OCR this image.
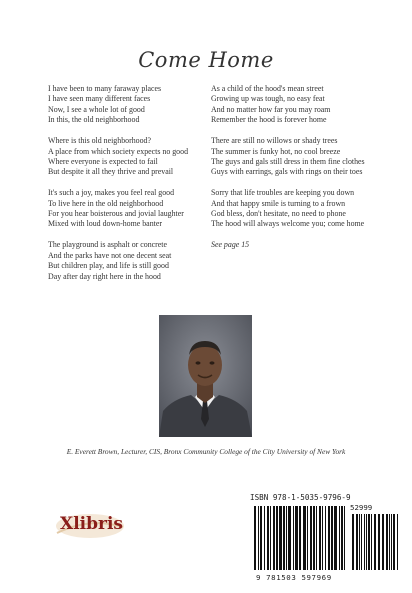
Come Home
I have been to many faraway places
I have seen many different faces
Now, I see a whole lot of good
In this, the old neighborhood
Where is this old neighborhood?
A place from which society expects no good
Where everyone is expected to fail
But despite it all they thrive and prevail
It's such a joy, makes you feel real good
To live here in the old neighborhood
For you hear boisterous and jovial laughter
Mixed with loud down-home banter
The playground is asphalt or concrete
And the parks have not one decent seat
But children play, and life is still good
Day after day right here in the hood
As a child of the hood's mean street
Growing up was tough, no easy feat
And no matter how far you may roam
Remember the hood is forever home
There are still no willows or shady trees
The summer is funky hot, no cool breeze
The guys and gals still dress in them fine clothes
Guys with earrings, gals with rings on their toes
Sorry that life troubles are keeping you down
And that happy smile is turning to a frown
God bless, don't hesitate, no need to phone
The hood will always welcome you; come home
See page 15
E. Everett Brown, Lecturer, CIS, Bronx Community College of the City University of New York
ISBN 978-1-5035-9796-9
52999
9 781503 597969
Xlibris
